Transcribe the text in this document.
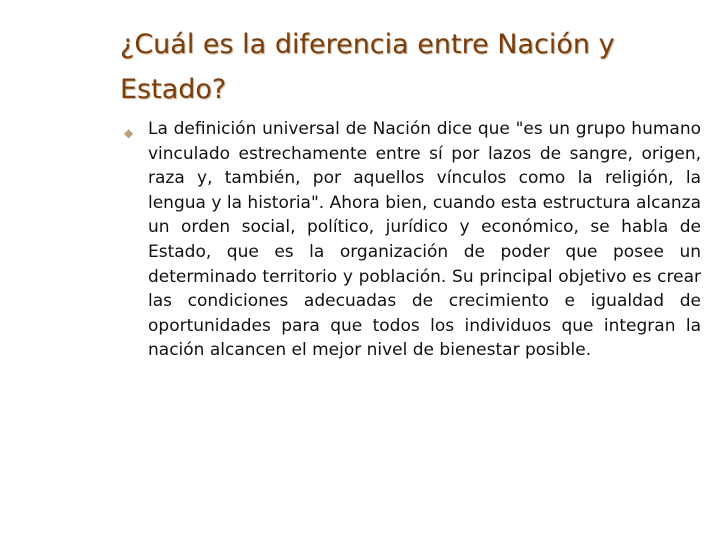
¿Cuál es la diferencia entre Nación y Estado?
◆ La definición universal de Nación dice que "es un grupo humano vinculado estrechamente entre sí por lazos de sangre, origen, raza y, también, por aquellos vínculos como la religión, la lengua y la historia". Ahora bien, cuando esta estructura alcanza un orden social, político, jurídico y económico, se habla de Estado, que es la organización de poder que posee un determinado territorio y población. Su principal objetivo es crear las condiciones adecuadas de crecimiento e igualdad de oportunidades para que todos los individuos que integran la nación alcancen el mejor nivel de bienestar posible.
